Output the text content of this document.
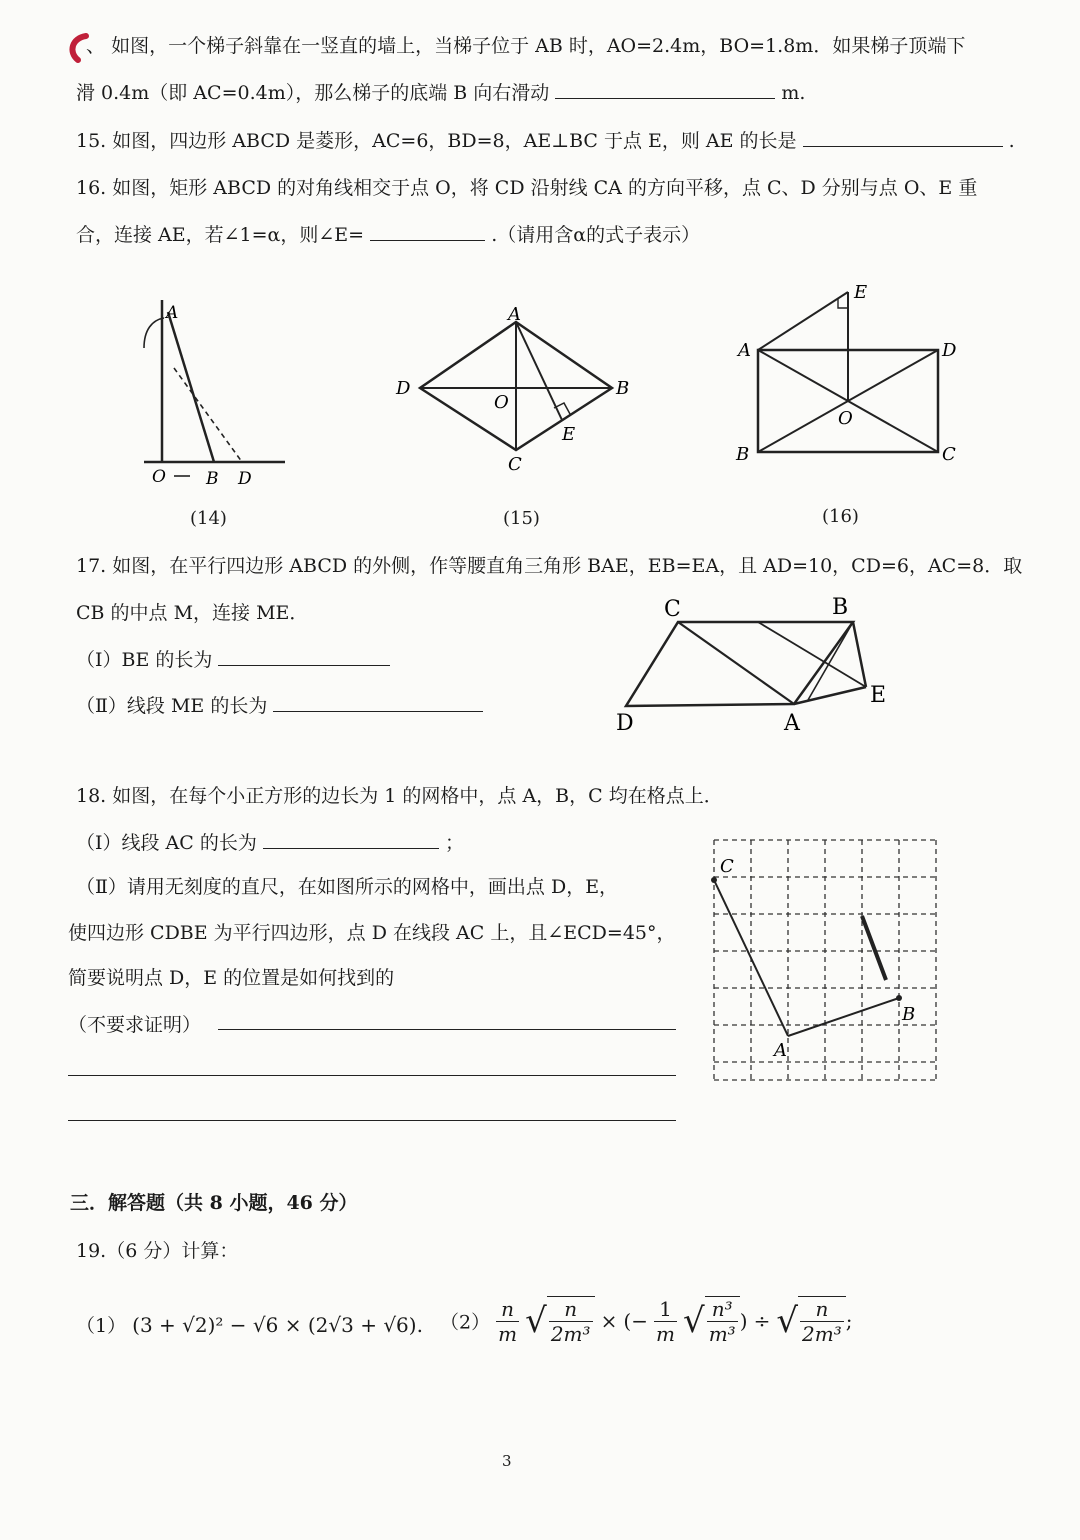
、 如图，一个梯子斜靠在一竖直的墙上，当梯子位于 AB 时，AO=2.4m，BO=1.8m．如果梯子顶端下
滑 0.4m（即 AC=0.4m），那么梯子的底端 B 向右滑动	m.
15. 如图，四边形 ABCD 是菱形，AC=6，BD=8，AE⊥BC 于点 E，则 AE 的长是	.
16. 如图，矩形 ABCD 的对角线相交于点 O，将 CD 沿射线 CA 的方向平移，点 C、D 分别与点 O、E 重
合，连接 AE，若∠1=α，则∠E=	.（请用含α的式子表示）
A
O B D
(14)
A
B
C
D
O
E
(15)
E
A	D
B	C
O
(16)
17. 如图，在平行四边形 ABCD 的外侧，作等腰直角三角形 BAE，EB=EA，且 AD=10，CD=6，AC=8．取
CB 的中点 M，连接 ME．
（Ⅰ）BE 的长为
（Ⅱ）线段 ME 的长为
C	B
E
A
D
18. 如图，在每个小正方形的边长为 1 的网格中，点 A，B，C 均在格点上．
（Ⅰ）线段 AC 的长为	；
（Ⅱ）请用无刻度的直尺，在如图所示的网格中，画出点 D，E，
使四边形 CDBE 为平行四边形，点 D 在线段 AC 上，且∠ECD=45°，
简要说明点 D，E 的位置是如何找到的
（不要求证明）
C
B
A
三．解答题（共 8 小题，46 分）
19.（6 分）计算：
（1） (3 + √2)² − √6 × (2√3 + √6). $(2) \frac{n}{m}$ √ $\frac{n}{\text{2m³}}$ × (− $\frac{1}{m}$ √ $\frac{\text{n³}}{\text{m³}}$ ) ÷ √ $\frac{n}{\text{2m³}}$ ;
3
